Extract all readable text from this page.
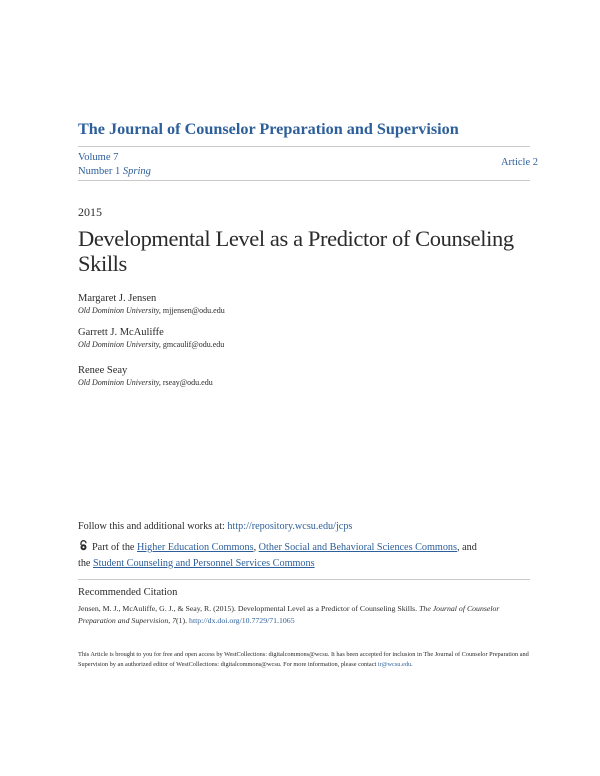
The Journal of Counselor Preparation and Supervision
Volume 7
Number 1 Spring
Article 2
2015
Developmental Level as a Predictor of Counseling Skills
Margaret J. Jensen
Old Dominion University, mjjensen@odu.edu
Garrett J. McAuliffe
Old Dominion University, gmcaulif@odu.edu
Renee Seay
Old Dominion University, rseay@odu.edu
Follow this and additional works at: http://repository.wcsu.edu/jcps
Part of the Higher Education Commons, Other Social and Behavioral Sciences Commons, and
the Student Counseling and Personnel Services Commons
Recommended Citation
Jensen, M. J., McAuliffe, G. J., & Seay, R. (2015). Developmental Level as a Predictor of Counseling Skills. The Journal of Counselor Preparation and Supervision, 7(1). http://dx.doi.org/10.7729/71.1065
This Article is brought to you for free and open access by WestCollections: digitalcommons@wcsu. It has been accepted for inclusion in The Journal of Counselor Preparation and Supervision by an authorized editor of WestCollections: digitalcommons@wcsu. For more information, please contact ir@wcsu.edu.
